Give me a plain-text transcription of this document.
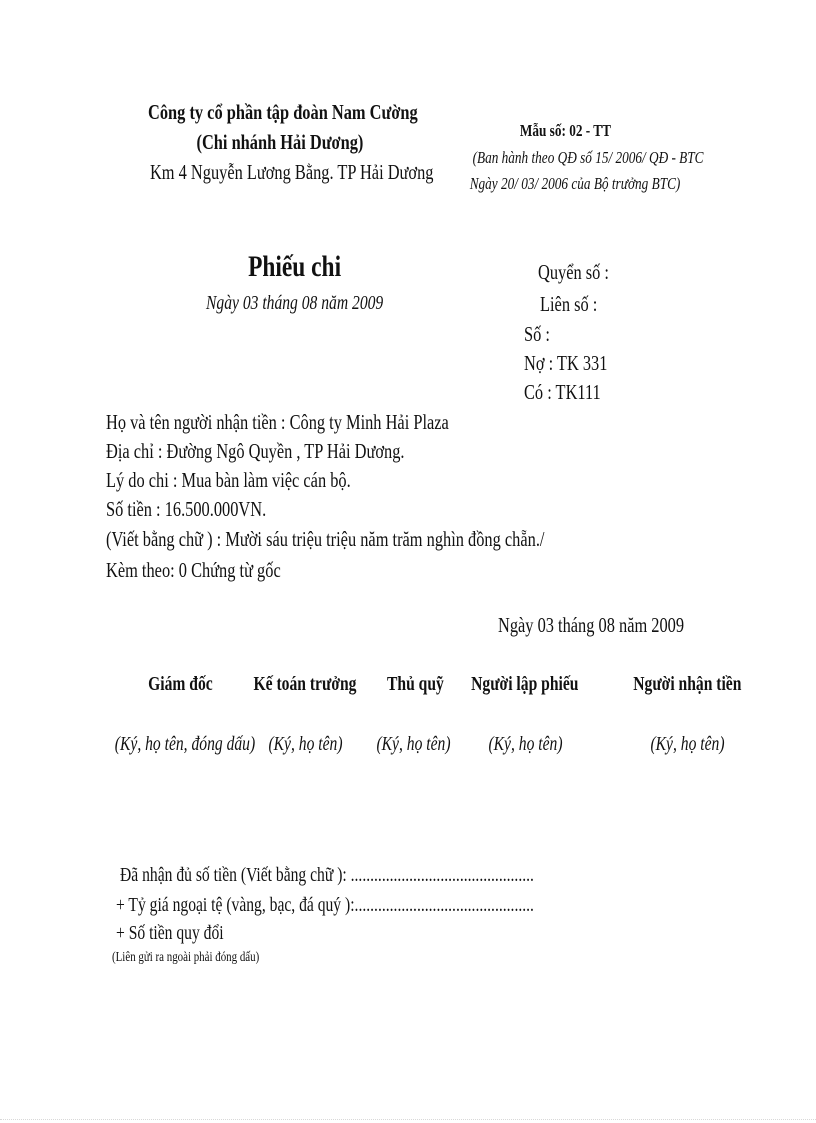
Công ty cổ phần tập đoàn Nam Cường
(Chi nhánh Hải Dương)
Km 4 Nguyễn Lương Bằng. TP Hải Dương
Mẫu số: 02 - TT
(Ban hành theo QĐ số 15/ 2006/ QĐ - BTC
Ngày 20/ 03/ 2006 của Bộ trưởng BTC)
Phiếu chi
Ngày 03 tháng 08 năm 2009
Quyển số :
Liên số :
Số :
Nợ : TK 331
Có : TK111
Họ và tên người nhận tiền : Công ty Minh Hải Plaza
Địa chỉ : Đường Ngô Quyền , TP Hải Dương.
Lý do chi : Mua bàn làm việc cán bộ.
Số tiền : 16.500.000VN.
(Viết bằng chữ ) : Mười sáu triệu triệu năm trăm nghìn đồng chẵn./
Kèm theo: 0 Chứng từ gốc
Ngày 03 tháng 08 năm 2009
Giám đốc	Kế toán trưởng	Thủ quỹ	Người lập phiếu	Người nhận tiền
(Ký, họ tên, đóng dấu) (Ký, họ tên)	(Ký, họ tên)	(Ký, họ tên)	(Ký, họ tên)
Đã nhận đủ số tiền (Viết bằng chữ ): ...............................................
+ Tỷ giá ngoại tệ (vàng, bạc, đá quý ):..............................................
+ Số tiền quy đổi
(Liên gửi ra ngoài phải đóng dấu)
